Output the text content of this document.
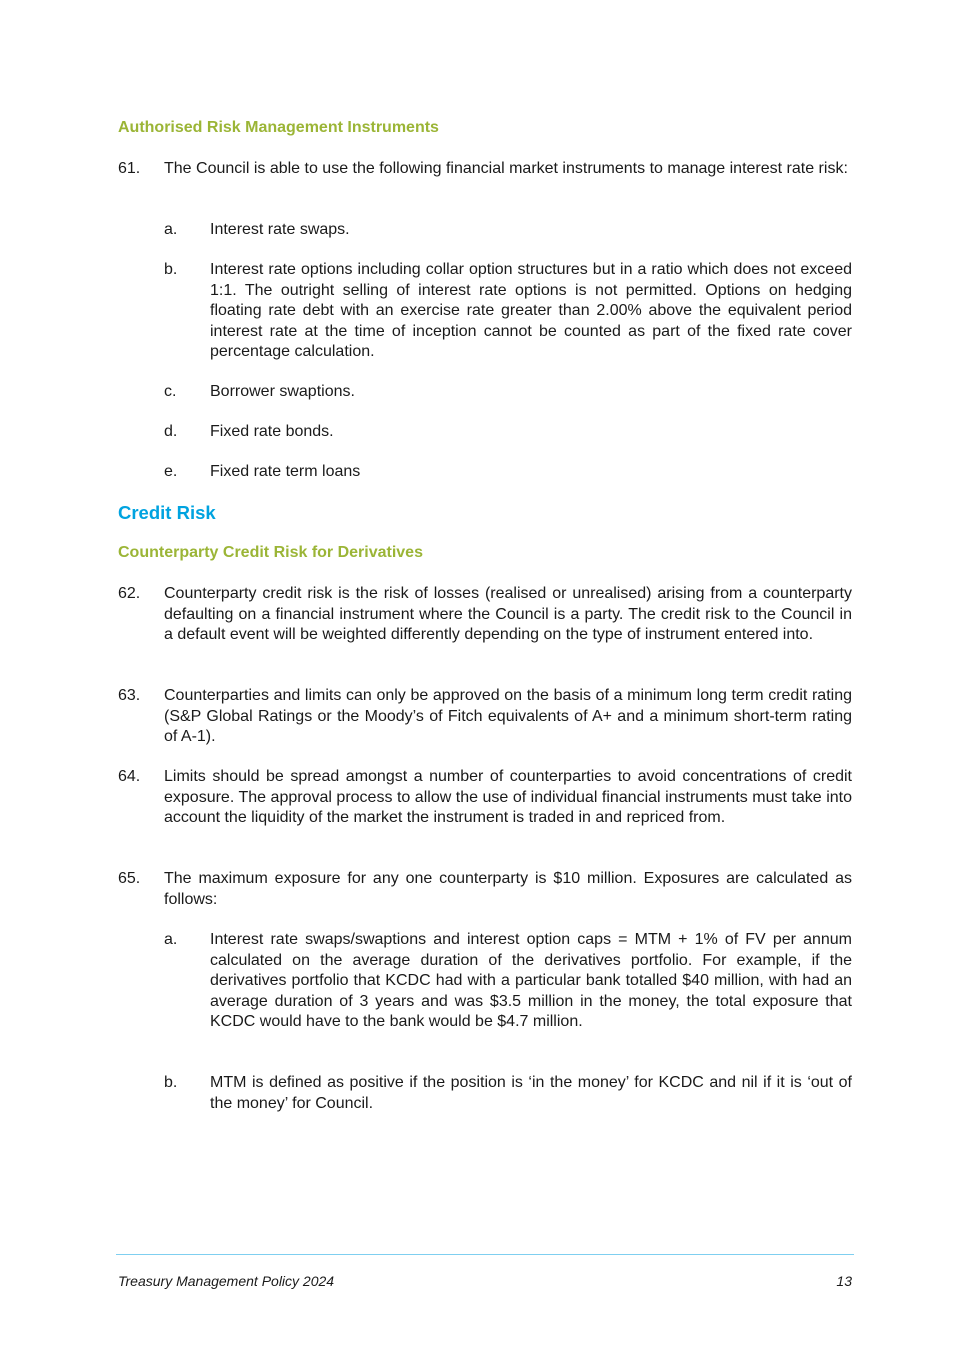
Authorised Risk Management Instruments
61. The Council is able to use the following financial market instruments to manage interest rate risk:
a. Interest rate swaps.
b. Interest rate options including collar option structures but in a ratio which does not exceed 1:1. The outright selling of interest rate options is not permitted. Options on hedging floating rate debt with an exercise rate greater than 2.00% above the equivalent period interest rate at the time of inception cannot be counted as part of the fixed rate cover percentage calculation.
c. Borrower swaptions.
d. Fixed rate bonds.
e. Fixed rate term loans
Credit Risk
Counterparty Credit Risk for Derivatives
62. Counterparty credit risk is the risk of losses (realised or unrealised) arising from a counterparty defaulting on a financial instrument where the Council is a party. The credit risk to the Council in a default event will be weighted differently depending on the type of instrument entered into.
63. Counterparties and limits can only be approved on the basis of a minimum long term credit rating (S&P Global Ratings or the Moody’s of Fitch equivalents of A+ and a minimum short-term rating of A-1).
64. Limits should be spread amongst a number of counterparties to avoid concentrations of credit exposure. The approval process to allow the use of individual financial instruments must take into account the liquidity of the market the instrument is traded in and repriced from.
65. The maximum exposure for any one counterparty is $10 million. Exposures are calculated as follows:
a. Interest rate swaps/swaptions and interest option caps = MTM + 1% of FV per annum calculated on the average duration of the derivatives portfolio. For example, if the derivatives portfolio that KCDC had with a particular bank totalled $40 million, with had an average duration of 3 years and was $3.5 million in the money, the total exposure that KCDC would have to the bank would be $4.7 million.
b. MTM is defined as positive if the position is ‘in the money’ for KCDC and nil if it is ‘out of the money’ for Council.
Treasury Management Policy 2024	13
